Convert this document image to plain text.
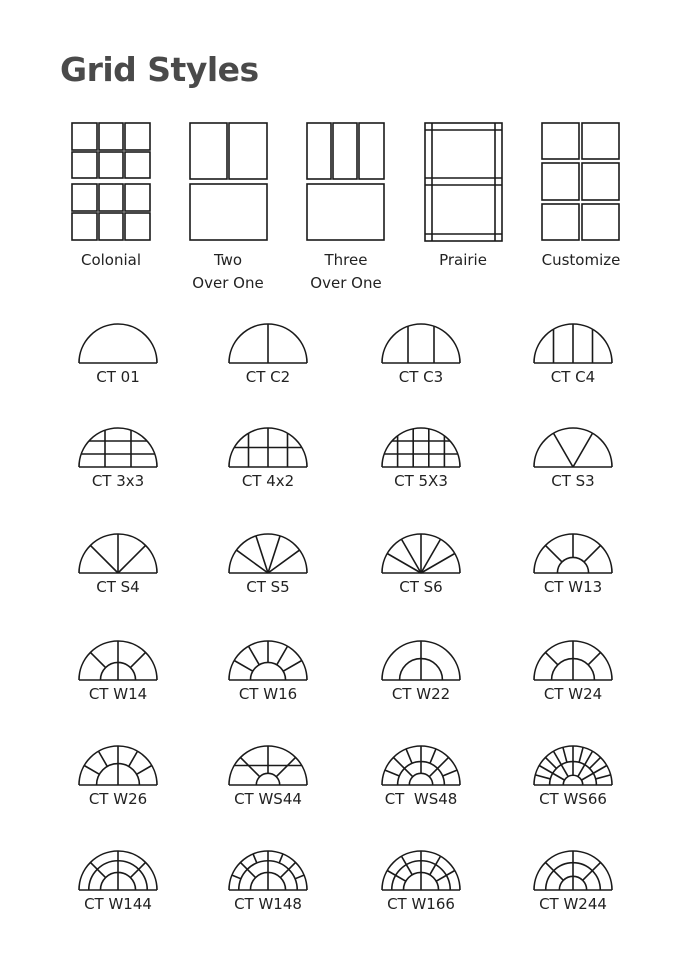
Grid Styles
Colonial	Two
Over One
Three
Over One
Prairie	Customize
CT 01	CT C2	CT C3	CT C4
CT 3x3	CT 4x2	CT 5X3	CT S3
CT S4	CT S5	CT S6	CT W13
CT W14	CT W16	CT W22	CT W24
CT W26	CT WS44	CT  WS48	CT WS66
CT W144	CT W148	CT W166	CT W244
